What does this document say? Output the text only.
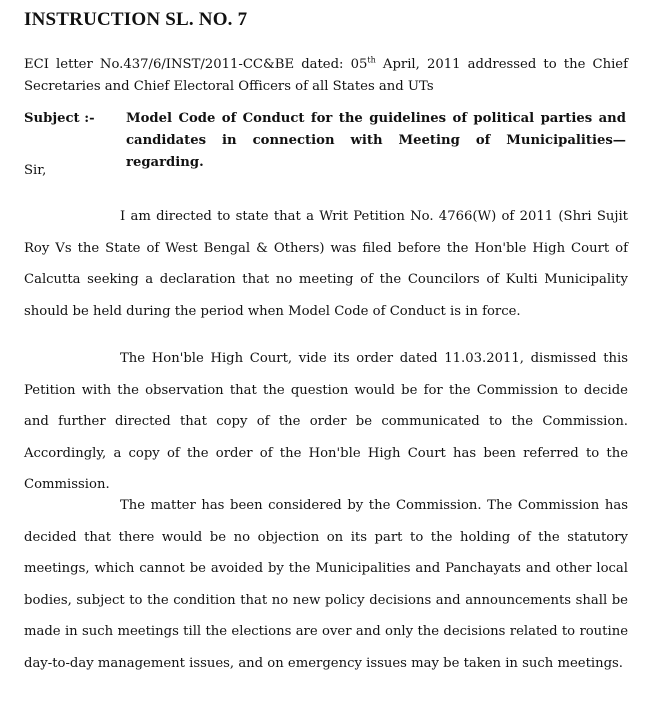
INSTRUCTION SL. NO. 7
ECI letter No.437/6/INST/2011-CC&BE dated: 05th April, 2011 addressed to the Chief Secretaries and Chief Electoral Officers of all States and UTs
Subject :- Model Code of Conduct for the guidelines of political parties and candidates in connection with Meeting of Municipalities— regarding.
Sir,
I am directed to state that a Writ Petition No. 4766(W) of 2011 (Shri Sujit Roy Vs the State of West Bengal & Others) was filed before the Hon'ble High Court of Calcutta seeking a declaration that no meeting of the Councilors of Kulti Municipality should be held during the period when Model Code of Conduct is in force.
The Hon'ble High Court, vide its order dated 11.03.2011, dismissed this Petition with the observation that the question would be for the Commission to decide and further directed that copy of the order be communicated to the Commission. Accordingly, a copy of the order of the Hon'ble High Court has been referred to the Commission.
The matter has been considered by the Commission. The Commission has decided that there would be no objection on its part to the holding of the statutory meetings, which cannot be avoided by the Municipalities and Panchayats and other local bodies, subject to the condition that no new policy decisions and announcements shall be made in such meetings till the elections are over and only the decisions related to routine day-to-day management issues, and on emergency issues may be taken in such meetings.
